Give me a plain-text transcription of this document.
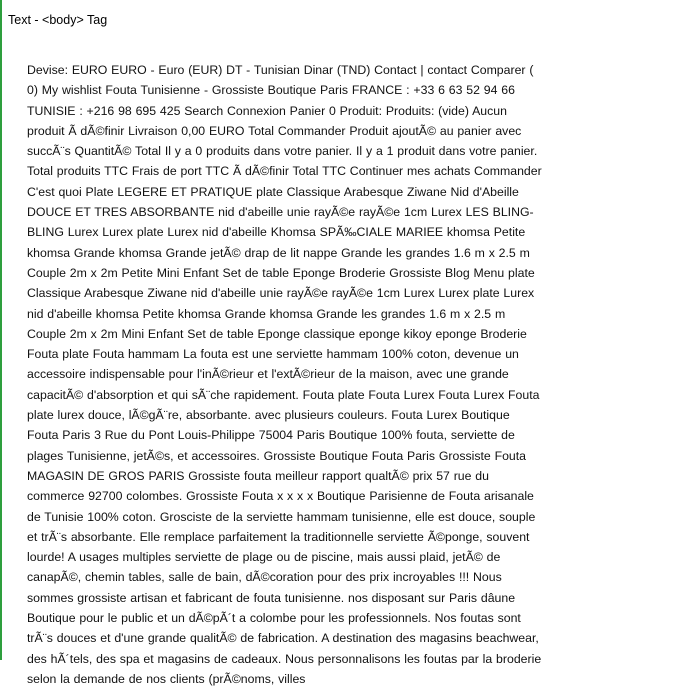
Text - <body> Tag
Devise: EURO EURO - Euro (EUR) DT - Tunisian Dinar (TND) Contact | contact Comparer ( 0) My wishlist Fouta Tunisienne - Grossiste Boutique Paris FRANCE : +33 6 63 52 94 66 TUNISIE : +216 98 695 425 Search Connexion Panier 0 Produit: Produits: (vide) Aucun produit Ã dÃ©finir Livraison 0,00 EURO Total Commander Produit ajoutÃ© au panier avec succÃ¨s QuantitÃ© Total Il y a 0 produits dans votre panier. Il y a 1 produit dans votre panier. Total produits TTC Frais de port TTC Ã dÃ©finir Total TTC Continuer mes achats Commander C'est quoi Plate LEGERE ET PRATIQUE plate Classique Arabesque Ziwane Nid d'Abeille DOUCE ET TRES ABSORBANTE nid d'abeille unie rayÃ©e rayÃ©e 1cm Lurex LES BLING-BLING Lurex Lurex plate Lurex nid d'abeille Khomsa SPÃ‰CIALE MARIEE khomsa Petite khomsa Grande khomsa Grande jetÃ© drap de lit nappe Grande les grandes 1.6 m x 2.5 m Couple 2m x 2m Petite Mini Enfant Set de table Eponge Broderie Grossiste Blog Menu plate Classique Arabesque Ziwane nid d'abeille unie rayÃ©e rayÃ©e 1cm Lurex Lurex plate Lurex nid d'abeille khomsa Petite khomsa Grande khomsa Grande les grandes 1.6 m x 2.5 m Couple 2m x 2m Mini Enfant Set de table Eponge classique eponge kikoy eponge Broderie Fouta plate Fouta hammam La fouta est une serviette hammam 100% coton, devenue un accessoire indispensable pour l'inÃ©rieur et l'extÃ©rieur de la maison, avec une grande capacitÃ© d'absorption et qui sÃ¨che rapidement. Fouta plate Fouta Lurex Fouta Lurex Fouta plate lurex douce, lÃ©gÃ¨re, absorbante. avec plusieurs couleurs. Fouta Lurex Boutique Fouta Paris 3 Rue du Pont Louis-Philippe 75004 Paris Boutique 100% fouta, serviette de plages Tunisienne, jetÃ©s, et accessoires. Grossiste Boutique Fouta Paris Grossiste Fouta MAGASIN DE GROS PARIS Grossiste fouta meilleur rapport qualtÃ© prix 57 rue du commerce 92700 colombes. Grossiste Fouta x x x x Boutique Parisienne de Fouta arisanale de Tunisie 100% coton. Grosciste de la serviette hammam tunisienne, elle est douce, souple et trÃ¨s absorbante. Elle remplace parfaitement la traditionnelle serviette Ã©ponge, souvent lourde! A usages multiples serviette de plage ou de piscine, mais aussi plaid, jetÃ© de canapÃ©, chemin tables, salle de bain, dÃ©coration pour des prix incroyables !!! Nous sommes grossiste artisan et fabricant de fouta tunisienne. nos disposant sur Paris dâune Boutique pour le public et un dÃ©pÃ´t a colombe pour les professionnels. Nos foutas sont trÃ¨s douces et d'une grande qualitÃ© de fabrication. A destination des magasins beachwear, des hÃ´tels, des spa et magasins de cadeaux. Nous personnalisons les foutas par la broderie selon la demande de nos clients (prÃ©noms, villes
